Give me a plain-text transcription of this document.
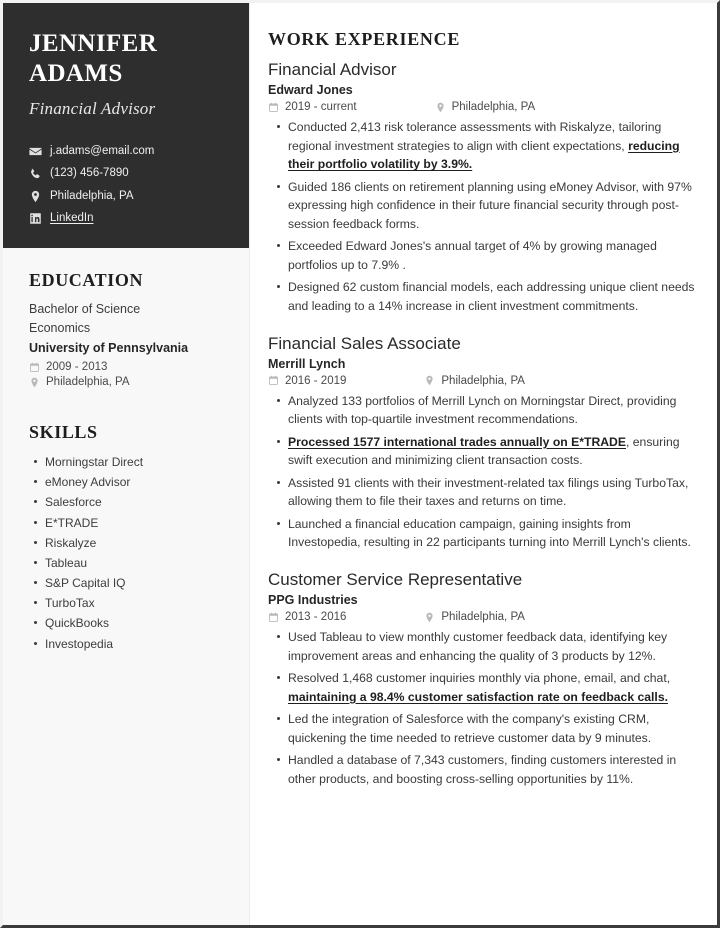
JENNIFER
ADAMS
Financial Advisor
j.adams@email.com
(123) 456-7890
Philadelphia, PA
LinkedIn
EDUCATION
Bachelor of Science
Economics
University of Pennsylvania
2009 - 2013
Philadelphia, PA
SKILLS
Morningstar Direct
eMoney Advisor
Salesforce
E*TRADE
Riskalyze
Tableau
S&P Capital IQ
TurboTax
QuickBooks
Investopedia
WORK EXPERIENCE
Financial Advisor
Edward Jones
2019 - current	Philadelphia, PA
Conducted 2,413 risk tolerance assessments with Riskalyze, tailoring regional investment strategies to align with client expectations, reducing their portfolio volatility by 3.9%.
Guided 186 clients on retirement planning using eMoney Advisor, with 97% expressing high confidence in their future financial security through post-session feedback forms.
Exceeded Edward Jones's annual target of 4% by growing managed portfolios up to 7.9% .
Designed 62 custom financial models, each addressing unique client needs and leading to a 14% increase in client investment commitments.
Financial Sales Associate
Merrill Lynch
2016 - 2019	Philadelphia, PA
Analyzed 133 portfolios of Merrill Lynch on Morningstar Direct, providing clients with top-quartile investment recommendations.
Processed 1577 international trades annually on E*TRADE, ensuring swift execution and minimizing client transaction costs.
Assisted 91 clients with their investment-related tax filings using TurboTax, allowing them to file their taxes and returns on time.
Launched a financial education campaign, gaining insights from Investopedia, resulting in 22 participants turning into Merrill Lynch's clients.
Customer Service Representative
PPG Industries
2013 - 2016	Philadelphia, PA
Used Tableau to view monthly customer feedback data, identifying key improvement areas and enhancing the quality of 3 products by 12%.
Resolved 1,468 customer inquiries monthly via phone, email, and chat, maintaining a 98.4% customer satisfaction rate on feedback calls.
Led the integration of Salesforce with the company's existing CRM, quickening the time needed to retrieve customer data by 9 minutes.
Handled a database of 7,343 customers, finding customers interested in other products, and boosting cross-selling opportunities by 11%.
